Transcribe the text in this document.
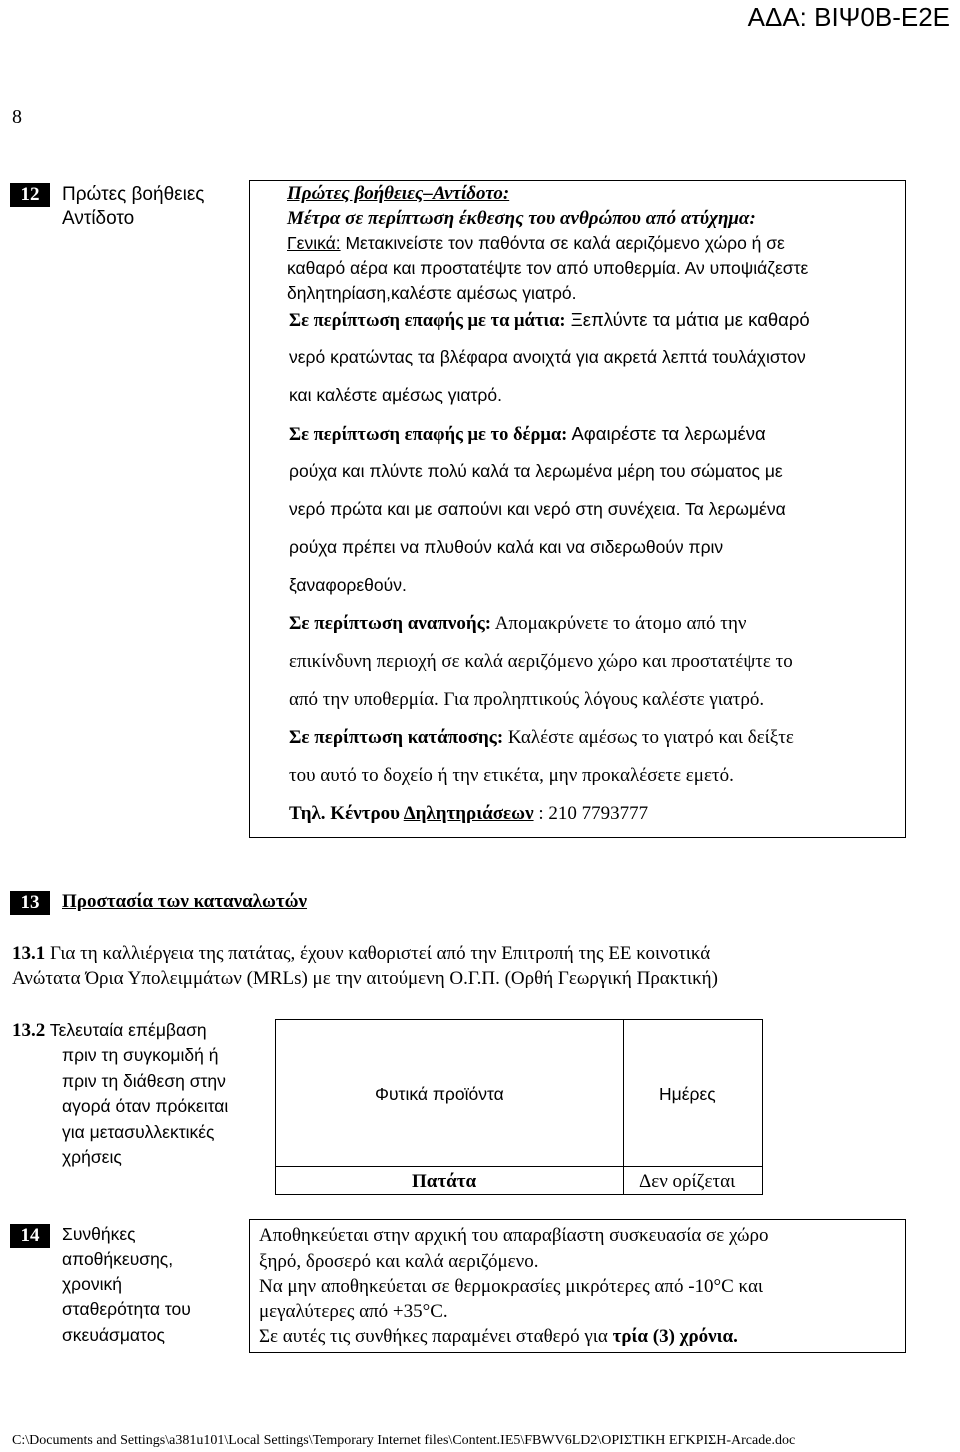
ΑΔΑ: ΒΙΨ0Β-Ε2Ε
8
12	Πρώτες βοήθειες
Αντίδοτο
Πρώτες βοήθειες–Αντίδοτο:
Μέτρα σε περίπτωση έκθεσης του ανθρώπου από ατύχημα:
Γενικά: Μετακινείστε τον παθόντα σε καλά αεριζόμενο χώρο ή σε
καθαρό αέρα και προστατέψτε τον από υποθερμία. Αν υποψιάζεστε
δηλητηρίαση,καλέστε αμέσως γιατρό.
Σε περίπτωση επαφής με τα μάτια: Ξεπλύντε τα μάτια με καθαρό
νερό κρατώντας τα βλέφαρα ανοιχτά για ακρετά λεπτά τουλάχιστον
και καλέστε αμέσως γιατρό.
Σε περίπτωση επαφής με το δέρμα: Αφαιρέστε τα λερωμένα
ρούχα και πλύντε πολύ καλά τα λερωμένα μέρη του σώματος με
νερό πρώτα και με σαπούνι και νερό στη συνέχεια. Τα λερωμένα
ρούχα πρέπει να πλυθούν καλά και να σιδερωθούν πριν
ξαναφορεθούν.
Σε περίπτωση αναπνοής: Απομακρύνετε το άτομο από την
επικίνδυνη περιοχή σε καλά αεριζόμενο χώρο και προστατέψτε το
από την υποθερμία. Για προληπτικούς λόγους καλέστε γιατρό.
Σε περίπτωση κατάποσης: Καλέστε αμέσως το γιατρό και δείξτε
του αυτό το δοχείο ή την ετικέτα, μην προκαλέσετε εμετό.
Τηλ. Κέντρου Δηλητηριάσεων : 210 7793777
13	Προστασία των καταναλωτών
13.1 Για τη καλλιέργεια της πατάτας, έχουν καθοριστεί από την Επιτροπή της ΕΕ κοινοτικά
Ανώτατα Όρια Υπολειμμάτων (MRLs) με την αιτούμενη Ο.Γ.Π. (Ορθή Γεωργική Πρακτική)
13.2 Τελευταία επέμβαση
πριν τη συγκομιδή ή
πριν τη διάθεση στην
αγορά όταν πρόκειται
για μετασυλλεκτικές
χρήσεις
Φυτικά προϊόντα	Ημέρες
Πατάτα	Δεν ορίζεται
14	Συνθήκες
αποθήκευσης,
χρονική
σταθερότητα του
σκευάσματος
Αποθηκεύεται στην αρχική του απαραβίαστη συσκευασία σε χώρο
ξηρό, δροσερό και καλά αεριζόμενο.
Να μην αποθηκεύεται σε θερμοκρασίες μικρότερες από -10°C και
μεγαλύτερες από +35°C.
Σε αυτές τις συνθήκες παραμένει σταθερό για τρία (3) χρόνια.
C:\Documents and Settings\a381u101\Local Settings\Temporary Internet files\Content.IE5\FBWV6LD2\ΟΡΙΣΤΙΚΗ ΕΓΚΡΙΣΗ-Arcade.doc
